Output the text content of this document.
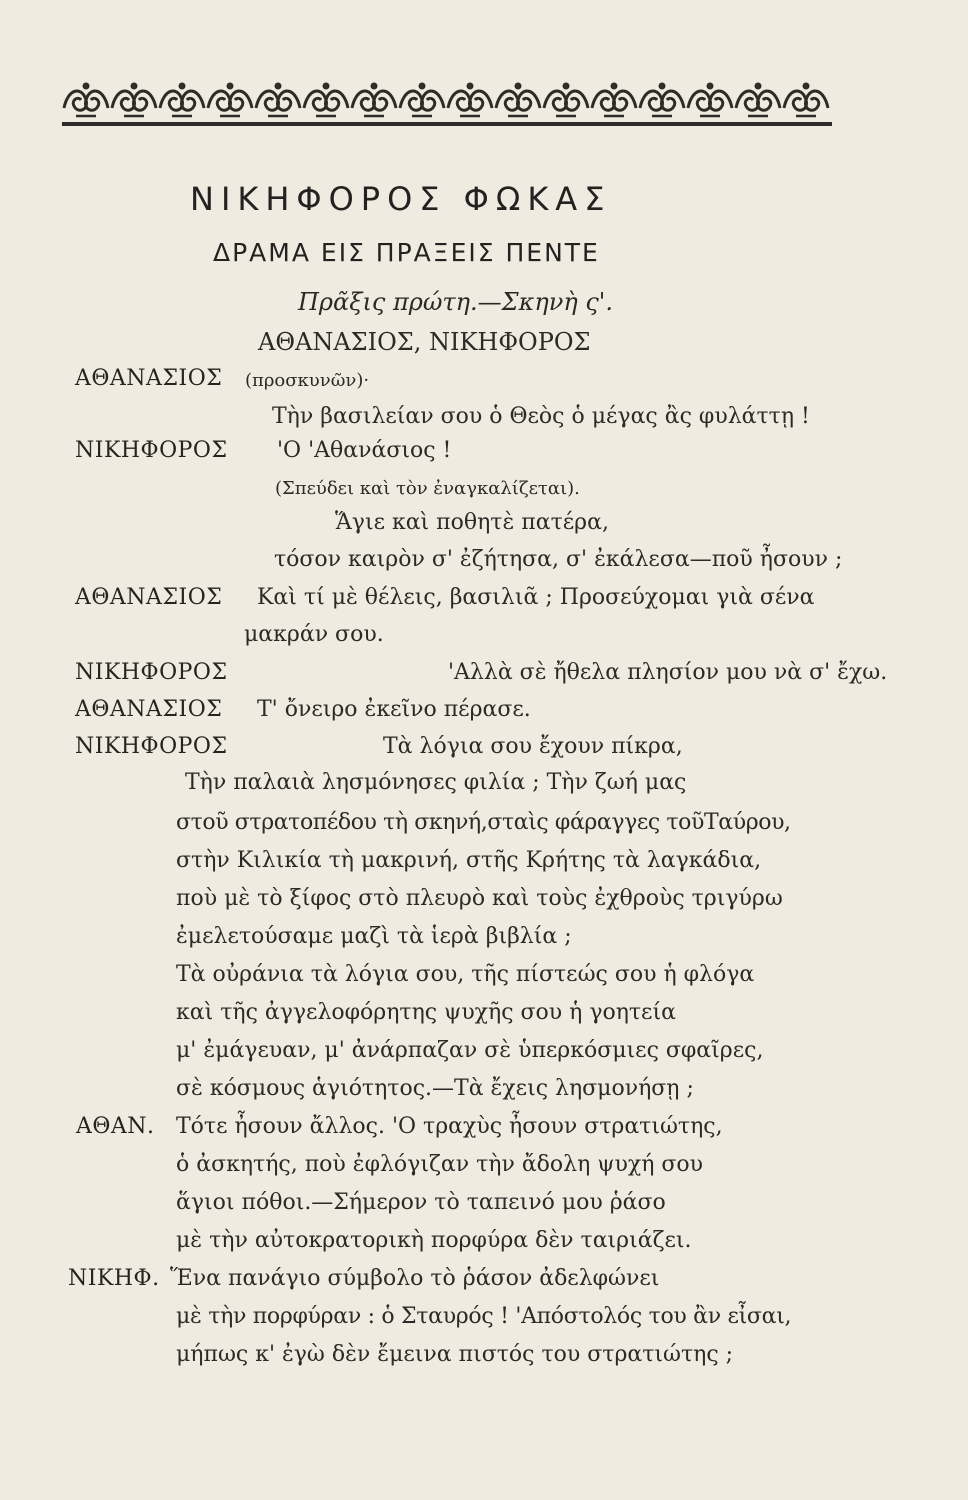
ΝΙΚΗΦΟΡΟΣ ΦΩΚΑΣ
ΔΡΑΜΑ ΕΙΣ ΠΡΑΞΕΙΣ ΠΕΝΤΕ
Πρᾶξις πρώτη.—Σκηνὴ ς'.
ΑΘΑΝΑΣΙΟΣ, ΝΙΚΗΦΟΡΟΣ
ΑΘΑΝΑΣΙΟΣ (προσκυνῶν)·
Τὴν βασιλείαν σου ὁ Θεὸς ὁ μέγας ἂς φυλάττῃ !
ΝΙΚΗΦΟΡΟΣ 'Ο 'Αθανάσιος !
(Σπεύδει καὶ τὸν ἐναγκαλίζεται).
Ἅγιε καὶ ποθητὲ πατέρα,
τόσον καιρὸν σ' ἐζήτησα, σ' ἐκάλεσα—ποῦ ἦσουν ;
ΑΘΑΝΑΣΙΟΣ Καὶ τί μὲ θέλεις, βασιλιᾶ ; Προσεύχομαι γιὰ σένα
μακράν σου.
ΝΙΚΗΦΟΡΟΣ	'Αλλὰ σὲ ἤθελα πλησίον μου νὰ σ' ἔχω.
ΑΘΑΝΑΣΙΟΣ Τ' ὄνειρο ἐκεῖνο πέρασε.
ΝΙΚΗΦΟΡΟΣ	Τὰ λόγια σου ἔχουν πίκρα,
Τὴν παλαιὰ λησμόνησες φιλία ; Τὴν ζωή μας
στοῦ στρατοπέδου τὴ σκηνή,σταὶς φάραγγες τοῦΤαύρου,
στὴν Κιλικία τὴ μακρινή, στῆς Κρήτης τὰ λαγκάδια,
ποὺ μὲ τὸ ξίφος στὸ πλευρὸ καὶ τοὺς ἐχθροὺς τριγύρω
ἐμελετούσαμε μαζὶ τὰ ἱερὰ βιβλία ;
Τὰ οὐράνια τὰ λόγια σου, τῆς πίστεώς σου ἡ φλόγα
καὶ τῆς ἀγγελοφόρητης ψυχῆς σου ἡ γοητεία
μ' ἐμάγευαν, μ' ἀνάρπαζαν σὲ ὑπερκόσμιες σφαῖρες,
σὲ κόσμους ἁγιότητος.—Τὰ ἔχεις λησμονήσῃ ;
ΑΘΑΝ. Τότε ἦσουν ἄλλος. 'Ο τραχὺς ἦσουν στρατιώτης,
ὁ ἀσκητής, ποὺ ἐφλόγιζαν τὴν ἄδολη ψυχή σου
ἅγιοι πόθοι.—Σήμερον τὸ ταπεινό μου ῥάσο
μὲ τὴν αὐτοκρατορικὴ πορφύρα δὲν ταιριάζει.
ΝΙΚΗΦ. Ἕνα πανάγιο σύμβολο τὸ ῥάσον ἀδελφώνει
μὲ τὴν πορφύραν : ὁ Σταυρός ! 'Απόστολός του ἂν εἶσαι,
μήπως κ' ἐγὼ δὲν ἔμεινα πιστός του στρατιώτης ;
